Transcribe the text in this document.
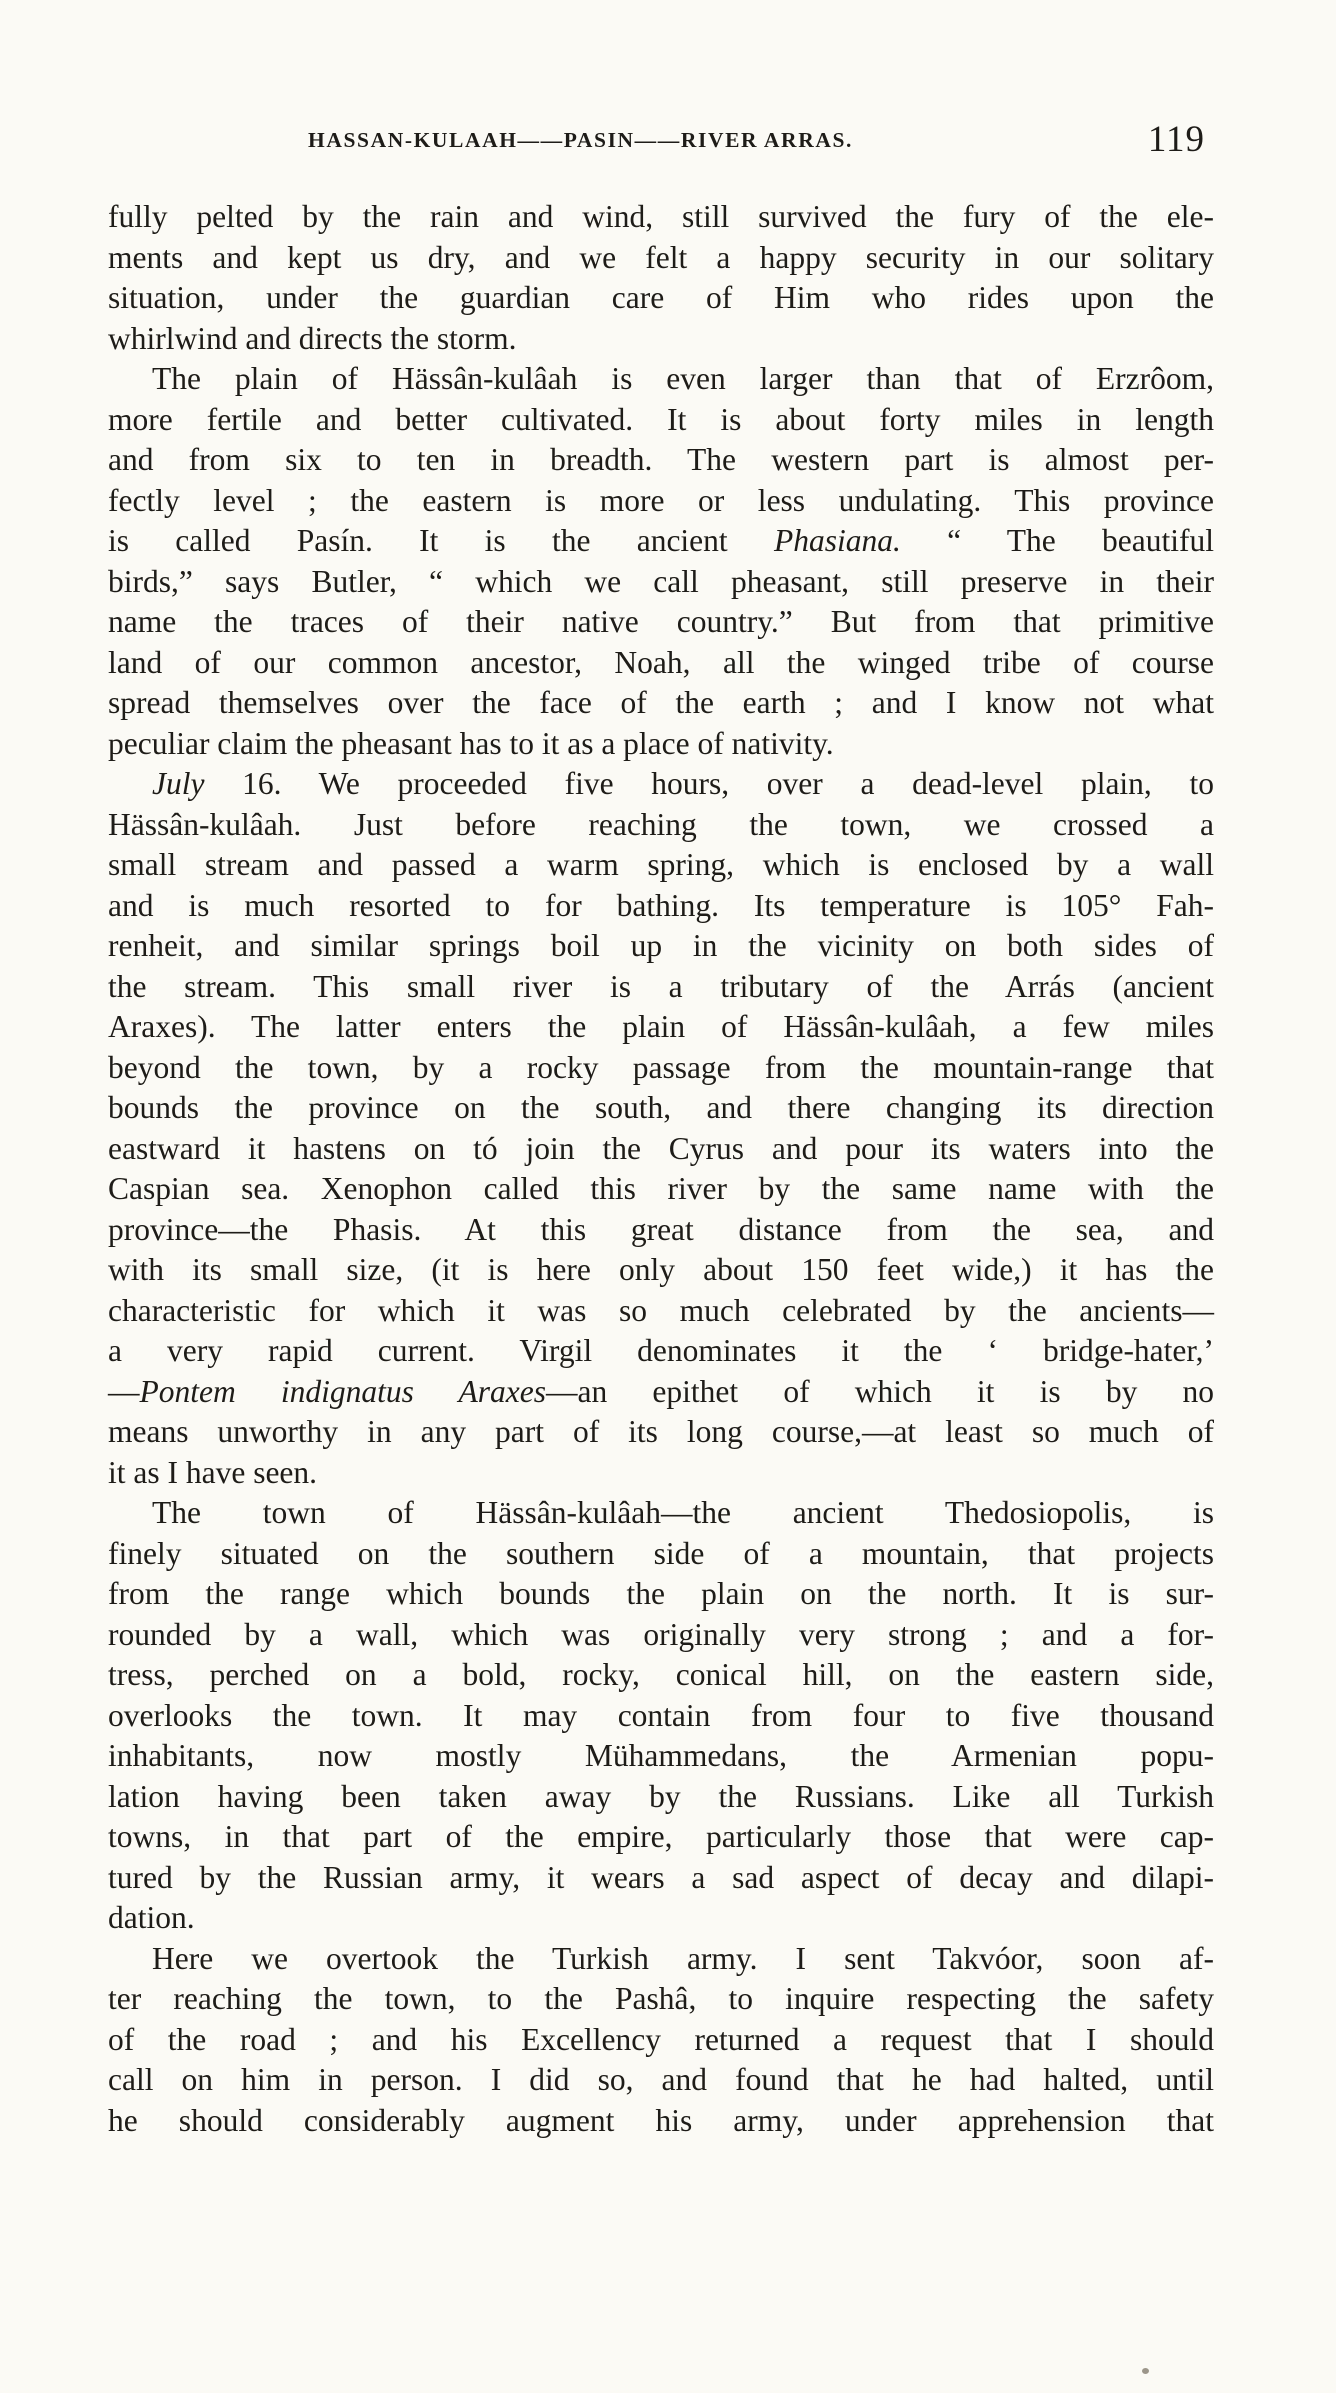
HASSAN-KULAAH——PASIN——RIVER ARRAS.	119
fully pelted by the rain and wind, still survived the fury of the ele-
ments and kept us dry, and we felt a happy security in our solitary
situation, under the guardian care of Him who rides upon the
whirlwind and directs the storm.
The plain of Hässân-kulâah is even larger than that of Erzrôom,
more fertile and better cultivated. It is about forty miles in length
and from six to ten in breadth. The western part is almost per-
fectly level ; the eastern is more or less undulating. This province
is called Pasín. It is the ancient Phasiana. “ The beautiful
birds,” says Butler, “ which we call pheasant, still preserve in their
name the traces of their native country.” But from that primitive
land of our common ancestor, Noah, all the winged tribe of course
spread themselves over the face of the earth ; and I know not what
peculiar claim the pheasant has to it as a place of nativity.
July 16. We proceeded five hours, over a dead-level plain, to
Hässân-kulâah. Just before reaching the town, we crossed a
small stream and passed a warm spring, which is enclosed by a wall
and is much resorted to for bathing. Its temperature is 105° Fah-
renheit, and similar springs boil up in the vicinity on both sides of
the stream. This small river is a tributary of the Arrás (ancient
Araxes). The latter enters the plain of Hässân-kulâah, a few miles
beyond the town, by a rocky passage from the mountain-range that
bounds the province on the south, and there changing its direction
eastward it hastens on tó join the Cyrus and pour its waters into the
Caspian sea. Xenophon called this river by the same name with the
province—the Phasis. At this great distance from the sea, and
with its small size, (it is here only about 150 feet wide,) it has the
characteristic for which it was so much celebrated by the ancients—
a very rapid current. Virgil denominates it the ‘ bridge-hater,’
—Pontem indignatus Araxes—an epithet of which it is by no
means unworthy in any part of its long course,—at least so much of
it as I have seen.
The town of Hässân-kulâah—the ancient Thedosiopolis, is
finely situated on the southern side of a mountain, that projects
from the range which bounds the plain on the north. It is sur-
rounded by a wall, which was originally very strong ; and a for-
tress, perched on a bold, rocky, conical hill, on the eastern side,
overlooks the town. It may contain from four to five thousand
inhabitants, now mostly Mühammedans, the Armenian popu-
lation having been taken away by the Russians. Like all Turkish
towns, in that part of the empire, particularly those that were cap-
tured by the Russian army, it wears a sad aspect of decay and dilapi-
dation.
Here we overtook the Turkish army. I sent Takvóor, soon af-
ter reaching the town, to the Pashâ, to inquire respecting the safety
of the road ; and his Excellency returned a request that I should
call on him in person. I did so, and found that he had halted, until
he should considerably augment his army, under apprehension that
